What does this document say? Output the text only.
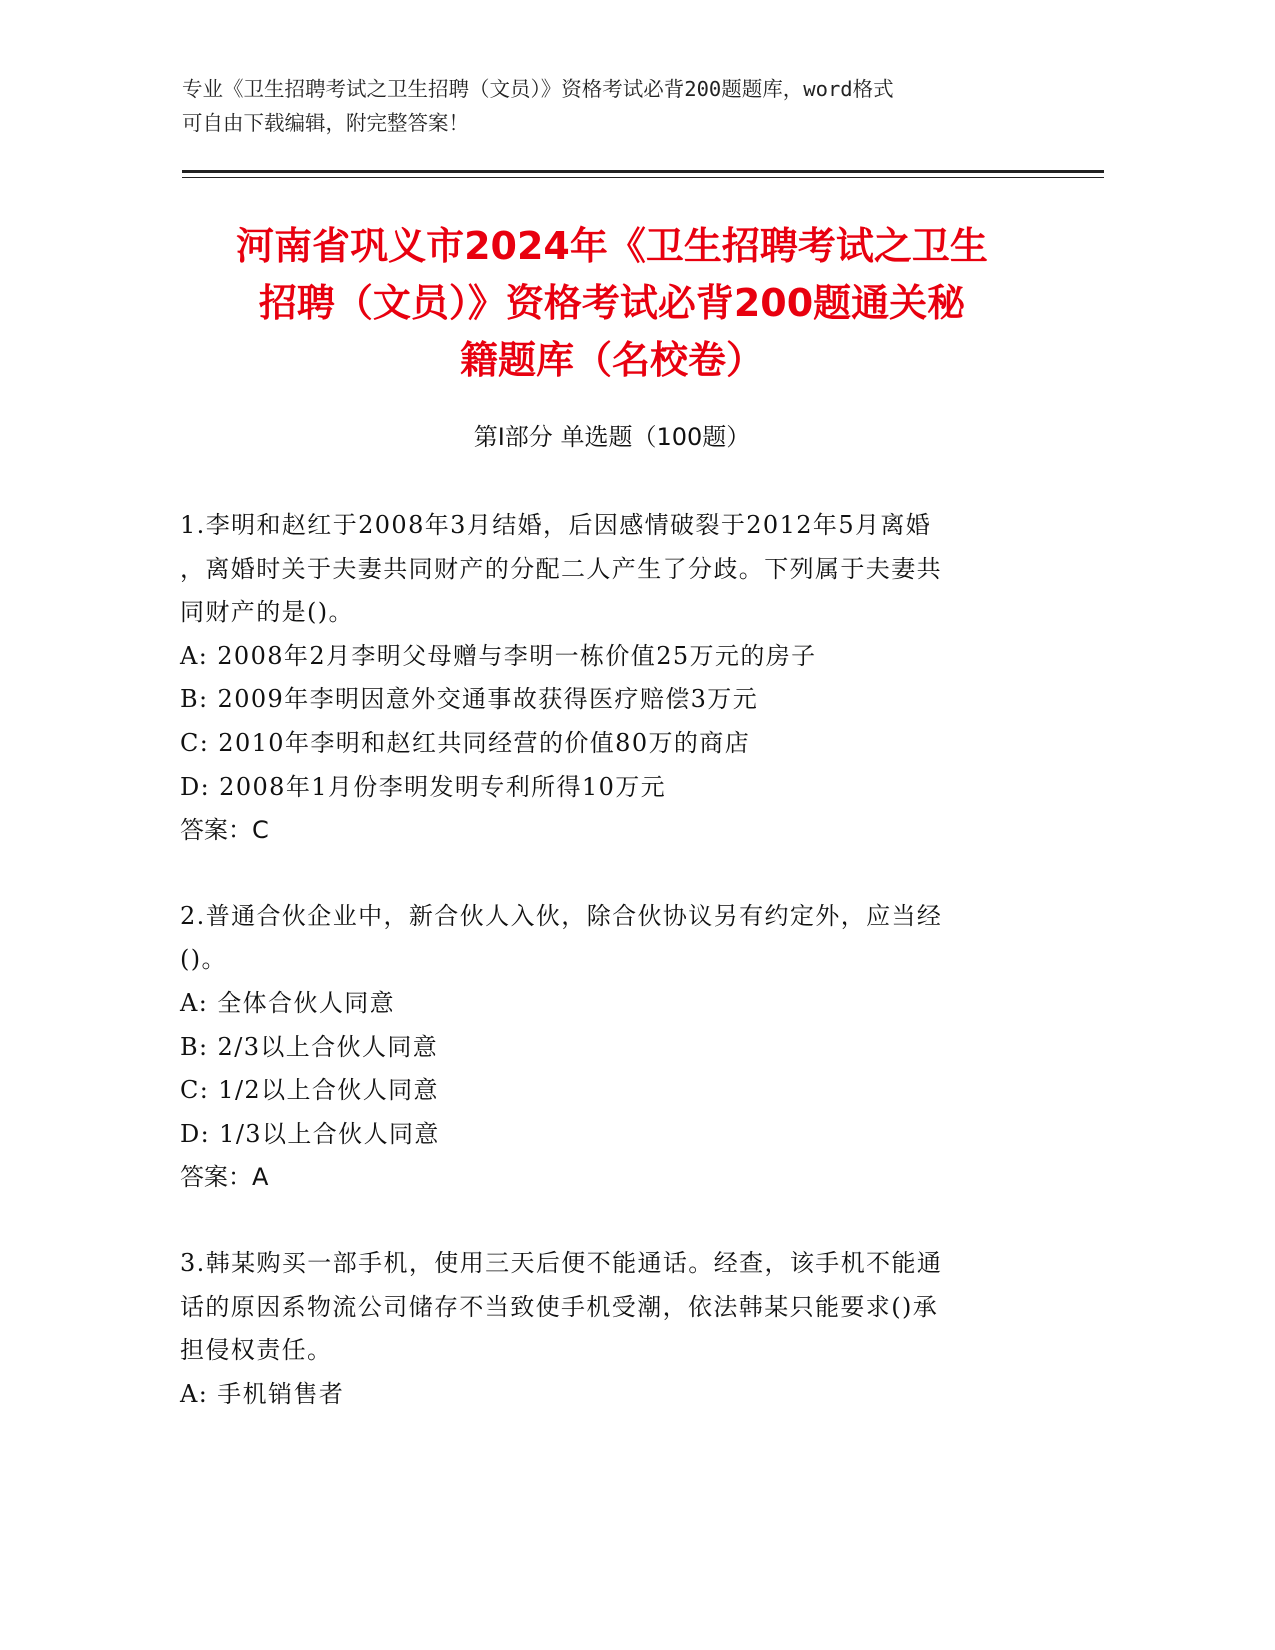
专业《卫生招聘考试之卫生招聘（文员）》资格考试必背200题题库，word格式
可自由下载编辑，附完整答案！
河南省巩义市2024年《卫生招聘考试之卫生
招聘（文员）》资格考试必背200题通关秘
籍题库（名校卷）
第Ⅰ部分 单选题（100题）

1.李明和赵红于2008年3月结婚，后因感情破裂于2012年5月离婚

，离婚时关于夫妻共同财产的分配二人产生了分歧。下列属于夫妻共

同财产的是()。

A: 2008年2月李明父母赠与李明一栋价值25万元的房子

B: 2009年李明因意外交通事故获得医疗赔偿3万元

C: 2010年李明和赵红共同经营的价值80万的商店

D: 2008年1月份李明发明专利所得10万元

答案：C

2.普通合伙企业中，新合伙人入伙，除合伙协议另有约定外，应当经

()。

A: 全体合伙人同意

B: 2/3以上合伙人同意

C: 1/2以上合伙人同意

D: 1/3以上合伙人同意

答案：A

3.韩某购买一部手机，使用三天后便不能通话。经查，该手机不能通

话的原因系物流公司储存不当致使手机受潮，依法韩某只能要求()承

担侵权责任。

A: 手机销售者
